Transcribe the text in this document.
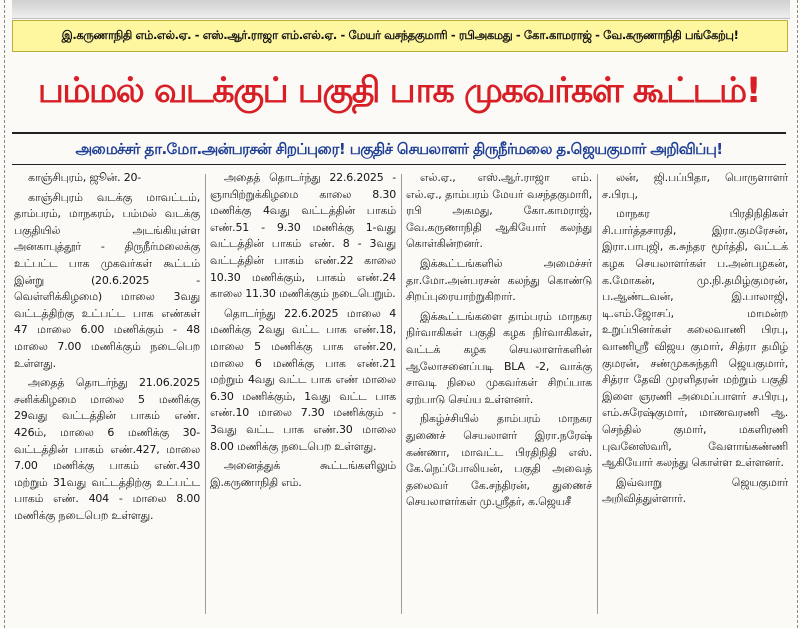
இ.கருணாநிதி எம்.எல்.ஏ. - எஸ்.ஆர்.ராஜா எம்.எல்.ஏ. - மேயர் வசந்தகுமாரி - ரபிஅகமது - கோ.காமராஜ் - வே.கருணாநிதி பங்கேற்பு!
பம்மல் வடக்குப் பகுதி பாக முகவர்கள் கூட்டம்!
அமைச்சர் தா.மோ.அன்பரசன் சிறப்புரை! பகுதிச் செயலாளர் திருநீர்மலை த.ஜெயகுமார் அறிவிப்பு!

காஞ்சிபுரம், ஜூன். 20-

காஞ்சிபுரம் வடக்கு மாவட்டம், தாம்பரம், மாநகரம், பம்மல் வடக்கு பகுதியில் அடங்கியுள்ள அனகாபுத்தூர் - திருநீர்மலைக்கு உட்பட்ட பாக முகவர்கள் கூட்டம் இன்று (20.6.2025 - வெள்ளிக்கிழமை) மாலை 3வது வட்டத்திற்கு உட்பட்ட பாக எண்கள் 47 மாலை 6.00 மணிக்கும் - 48 மாலை 7.00 மணிக்கும் நடைபெற உள்ளது.

அதைத் தொடர்ந்து 21.06.2025 சனிக்கிழமை மாலை 5 மணிக்கு 29வது வட்டத்தின் பாகம் எண். 426ம், மாலை 6 மணிக்கு 30-வட்டத்தின் பாகம் எண்.427, மாலை 7.00 மணிக்கு பாகம் எண்.430 மற்றும் 31வது வட்டத்திற்கு உட்பட்ட பாகம் எண். 404 - மாலை 8.00 மணிக்கு நடைபெற உள்ளது.

அதைத் தொடர்ந்து 22.6.2025 - ஞாயிற்றுக்கிழமை காலை 8.30 மணிக்கு 4வது வட்டத்தின் பாகம் எண்.51 - 9.30 மணிக்கு 1-வது வட்டத்தின் பாகம் எண். 8 - 3வது வட்டத்தின் பாகம் எண்.22 காலை 10.30 மணிக்கும், பாகம் எண்.24 காலை 11.30 மணிக்கும் நடைபெறும்.

தொடர்ந்து 22.6.2025 மாலை 4 மணிக்கு 2வது வட்ட பாக எண்.18, மாலை 5 மணிக்கு பாக எண்.20, மாலை 6 மணிக்கு பாக எண்.21 மற்றும் 4வது வட்ட பாக எண் மாலை 6.30 மணிக்கும், 1வது வட்ட பாக எண்.10 மாலை 7.30 மணிக்கும் - 3வது வட்ட பாக எண்.30 மாலை 8.00 மணிக்கு நடைபெற உள்ளது.

அனைத்துக் கூட்டங்களிலும் இ.கருணாநிதி எம்.

எல்.ஏ., எஸ்.ஆர்.ராஜா எம். எல்.ஏ., தாம்பரம் மேயர் வசந்தகுமாரி, ரபி அகமது, கோ.காமராஜ், வே.கருணாநிதி ஆகியோர் கலந்து கொள்கின்றனர்.

இக்கூட்டங்களில் அமைச்சர் தா.மோ.அன்பரசன் கலந்து கொண்டு சிறப்புரையாற்றுகிறார்.

இக்கூட்டங்களை தாம்பரம் மாநகர நிர்வாகிகள் பகுதி கழக நிர்வாகிகள், வட்டக் கழக செயலாளர்களின் ஆலோசனைப்படி BLA -2, வாக்கு சாவடி நிலை முகவர்கள் சிறப்பாக ஏற்பாடு செய்ய உள்ளனர்.

நிகழ்ச்சியில் தாம்பரம் மாநகர துணைச் செயலாளர் இரா.நரேஷ் கண்ணா, மாவட்ட பிரதிநிதி எஸ். கே.நெப்போலியன், பகுதி அவைத் தலைவர் கே.சந்திரன், துணைச் செயலாளர்கள் மு.ஸ்ரீதர், க.ஜெயசீ

லன், ஜி.பப்பிதா, பொருளாளர் ச.பிரபு,

மாநகர பிரதிநிதிகள் சி.பார்த்தசாரதி, இரா.குமரேசன், இரா.பாபுஜி, க.சுந்தர மூர்த்தி, வட்டக் கழக செயலாளர்கள் ப.அன்பழகன், க.மோகன், மு.நி.தமிழ்குமரன், ப.ஆண்டவன், இ.பாலாஜி, டி.எம்.ஜோசப், மாமன்ற உறுப்பினர்கள் கலைவாணி பிரபு, வாணிஸ்ரீ விஜய குமார், சித்ரா தமிழ் குமரன், சண்முகசுந்தரி ஜெயகுமார், சித்ரா தேவி முரளிதரன் மற்றும் பகுதி இளை ஞரணி அமைப்பாளர் ச.பிரபு, எம்.சுரேஷ்குமார், மாணவரணி ஆ. செந்தில் குமார், மகளிரணி புவனேஸ்வரி, வேளாங்கண்ணி ஆகியோர் கலந்து கொள்ள உள்ளனர்.

இவ்வாறு ஜெயகுமார் அறிவித்துள்ளார்.
